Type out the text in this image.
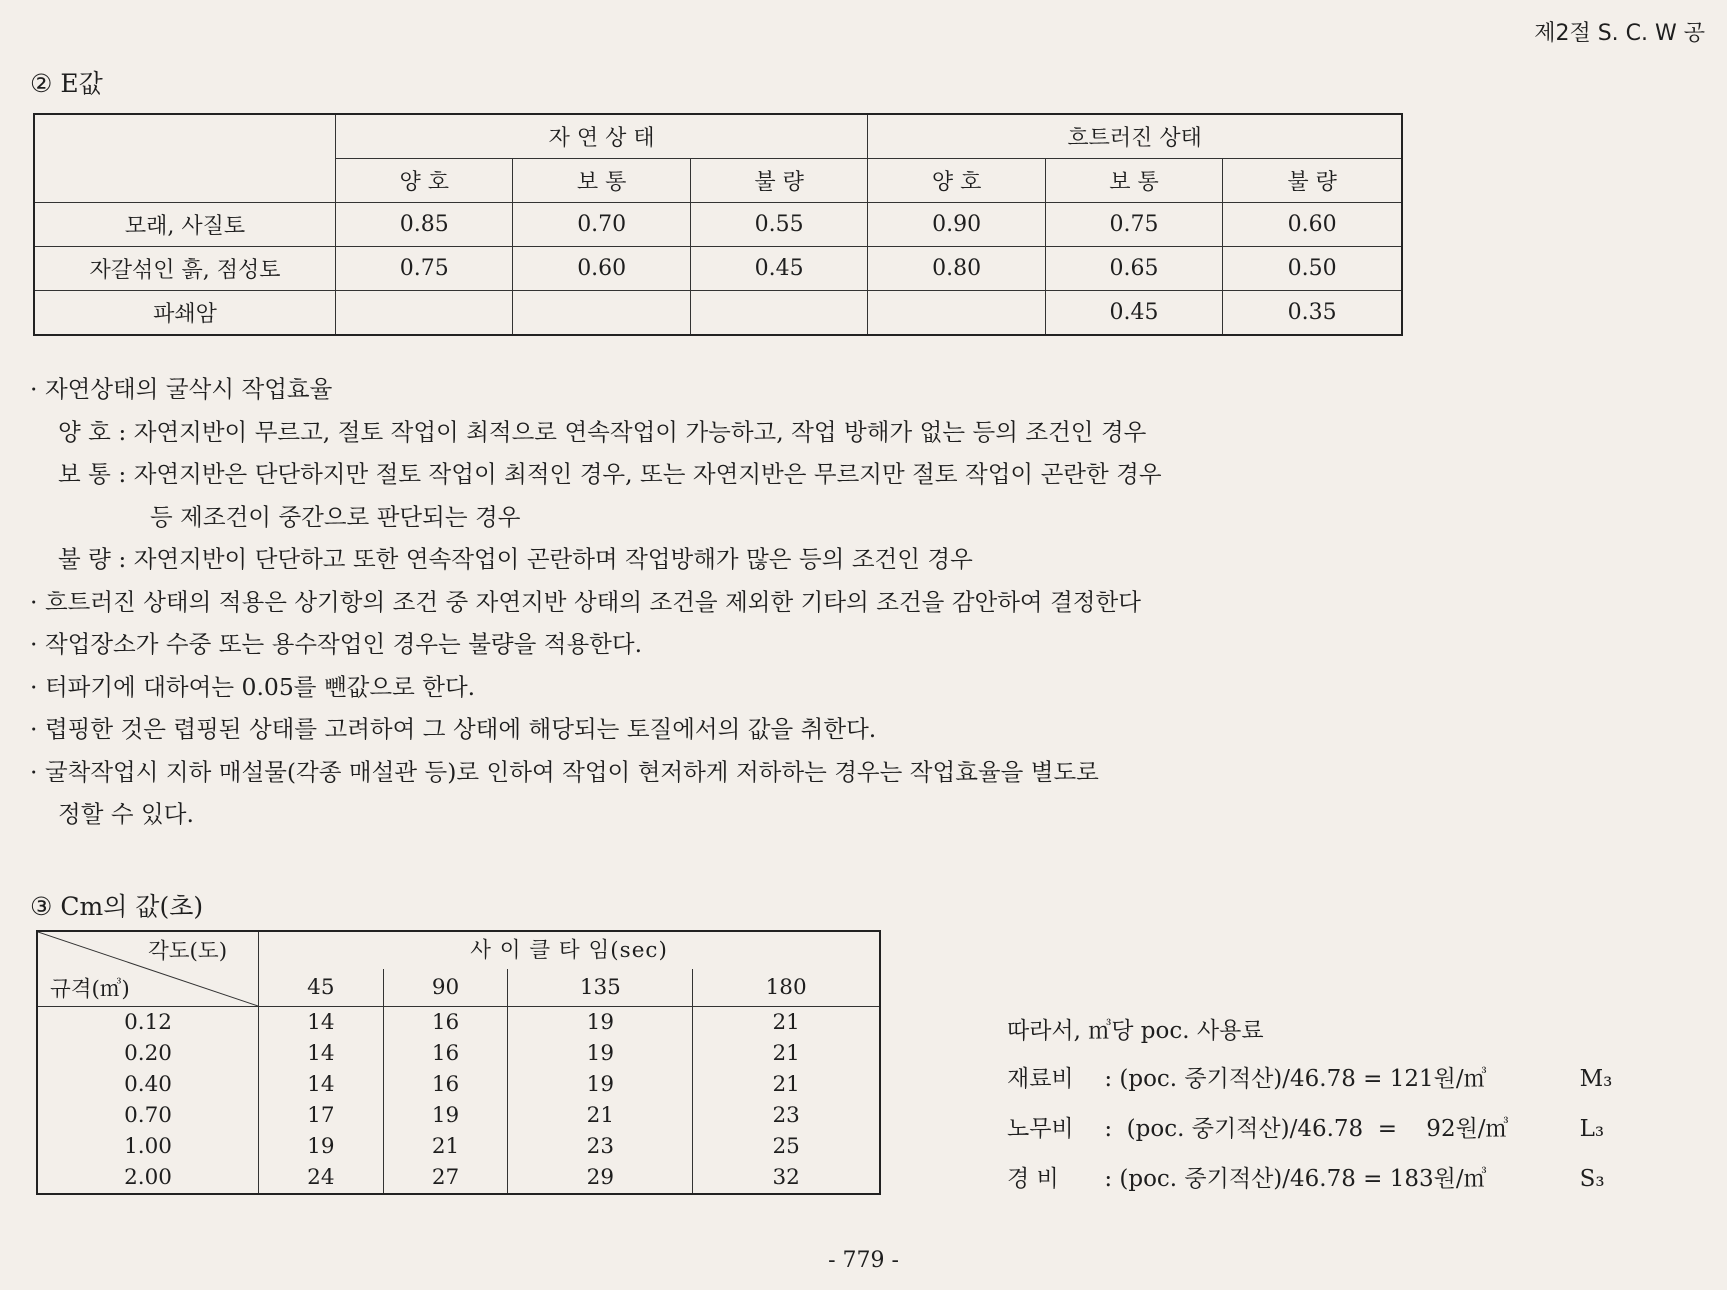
제2절 S. C. W 공
② E값
	자 연 상 태			흐트러진 상태		
	양 호	보 통	불 량	양 호	보 통	불 량
모래, 사질토	0.85	0.70	0.55	0.90	0.75	0.60
자갈섞인 흙, 점성토	0.75	0.60	0.45	0.80	0.65	0.50
파쇄암					0.45	0.35
· 자연상태의 굴삭시 작업효율
양 호 : 자연지반이 무르고, 절토 작업이 최적으로 연속작업이 가능하고, 작업 방해가 없는 등의 조건인 경우
보 통 : 자연지반은 단단하지만 절토 작업이 최적인 경우, 또는 자연지반은 무르지만 절토 작업이 곤란한 경우
등 제조건이 중간으로 판단되는 경우
불 량 : 자연지반이 단단하고 또한 연속작업이 곤란하며 작업방해가 많은 등의 조건인 경우
· 흐트러진 상태의 적용은 상기항의 조건 중 자연지반 상태의 조건을 제외한 기타의 조건을 감안하여 결정한다
· 작업장소가 수중 또는 용수작업인 경우는 불량을 적용한다.
· 터파기에 대하여는 0.05를 뺀값으로 한다.
· 렵핑한 것은 렵핑된 상태를 고려하여 그 상태에 해당되는 토질에서의 값을 취한다.
· 굴착작업시 지하 매설물(각종 매설관 등)로 인하여 작업이 현저하게 저하하는 경우는 작업효율을 별도로
정할 수 있다.
③ Cm의 값(초)
각도(도)
규격(㎥)	사 이 클 타 임(sec)			
	45	90	135	180
0.12	14	16	19	21
0.20	14	16	19	21
0.40	14	16	19	21
0.70	17	19	21	23
1.00	19	21	23	25
2.00	24	27	29	32
따라서, ㎥당 poc. 사용료
재료비 : (poc. 중기적산)/46.78 = 121원/㎥	M₃
노무비 :  (poc. 중기적산)/46.78  =    92원/㎥	L₃
경 비 : (poc. 중기적산)/46.78 = 183원/㎥	S₃
- 779 -
